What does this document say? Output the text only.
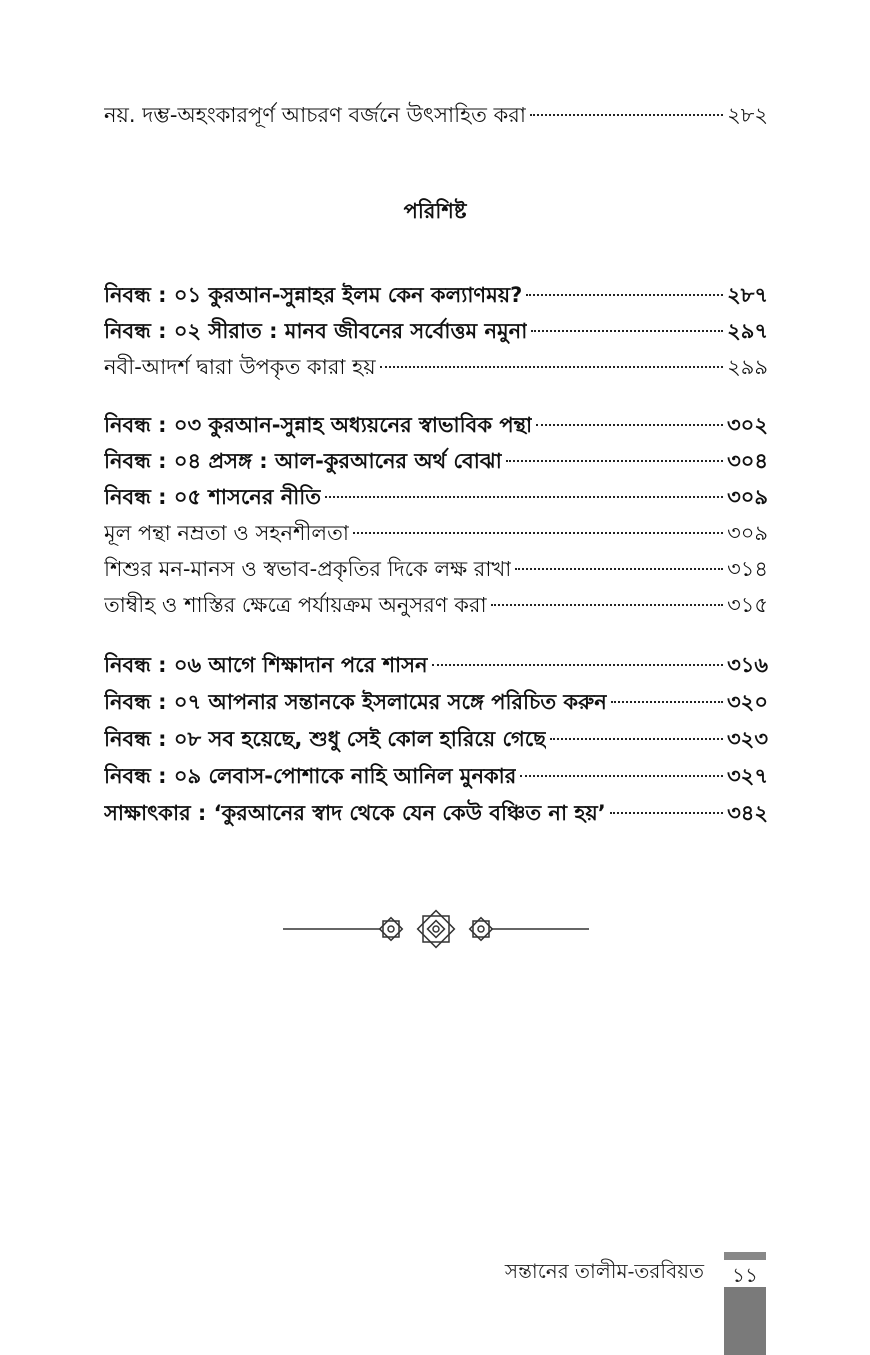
নয়. দম্ভ-অহংকারপূর্ণ আচরণ বর্জনে উৎসাহিত করা	২৮২
পরিশিষ্ট
নিবন্ধ : ০১ কুরআন-সুন্নাহর ইলম কেন কল্যাণময়?	২৮৭
নিবন্ধ : ০২ সীরাত : মানব জীবনের সর্বোত্তম নমুনা	২৯৭
নবী-আদর্শ দ্বারা উপকৃত কারা হয়	২৯৯
নিবন্ধ : ০৩ কুরআন-সুন্নাহ অধ্যয়নের স্বাভাবিক পন্থা	৩০২
নিবন্ধ : ০৪ প্রসঙ্গ : আল-কুরআনের অর্থ বোঝা	৩০৪
নিবন্ধ : ০৫ শাসনের নীতি	৩০৯
মূল পন্থা নম্রতা ও সহনশীলতা	৩০৯
শিশুর মন-মানস ও স্বভাব-প্রকৃতির দিকে লক্ষ রাখা	৩১৪
তাম্বীহ ও শাস্তির ক্ষেত্রে পর্যায়ক্রম অনুসরণ করা	৩১৫
নিবন্ধ : ০৬ আগে শিক্ষাদান পরে শাসন	৩১৬
নিবন্ধ : ০৭ আপনার সন্তানকে ইসলামের সঙ্গে পরিচিত করুন	৩২০
নিবন্ধ : ০৮ সব হয়েছে, শুধু সেই কোল হারিয়ে গেছে	৩২৩
নিবন্ধ : ০৯ লেবাস-পোশাকে নাহি আনিল মুনকার	৩২৭
সাক্ষাৎকার : ‘কুরআনের স্বাদ থেকে যেন কেউ বঞ্চিত না হয়’	৩৪২
সন্তানের তালীম-তরবিয়ত	১১
